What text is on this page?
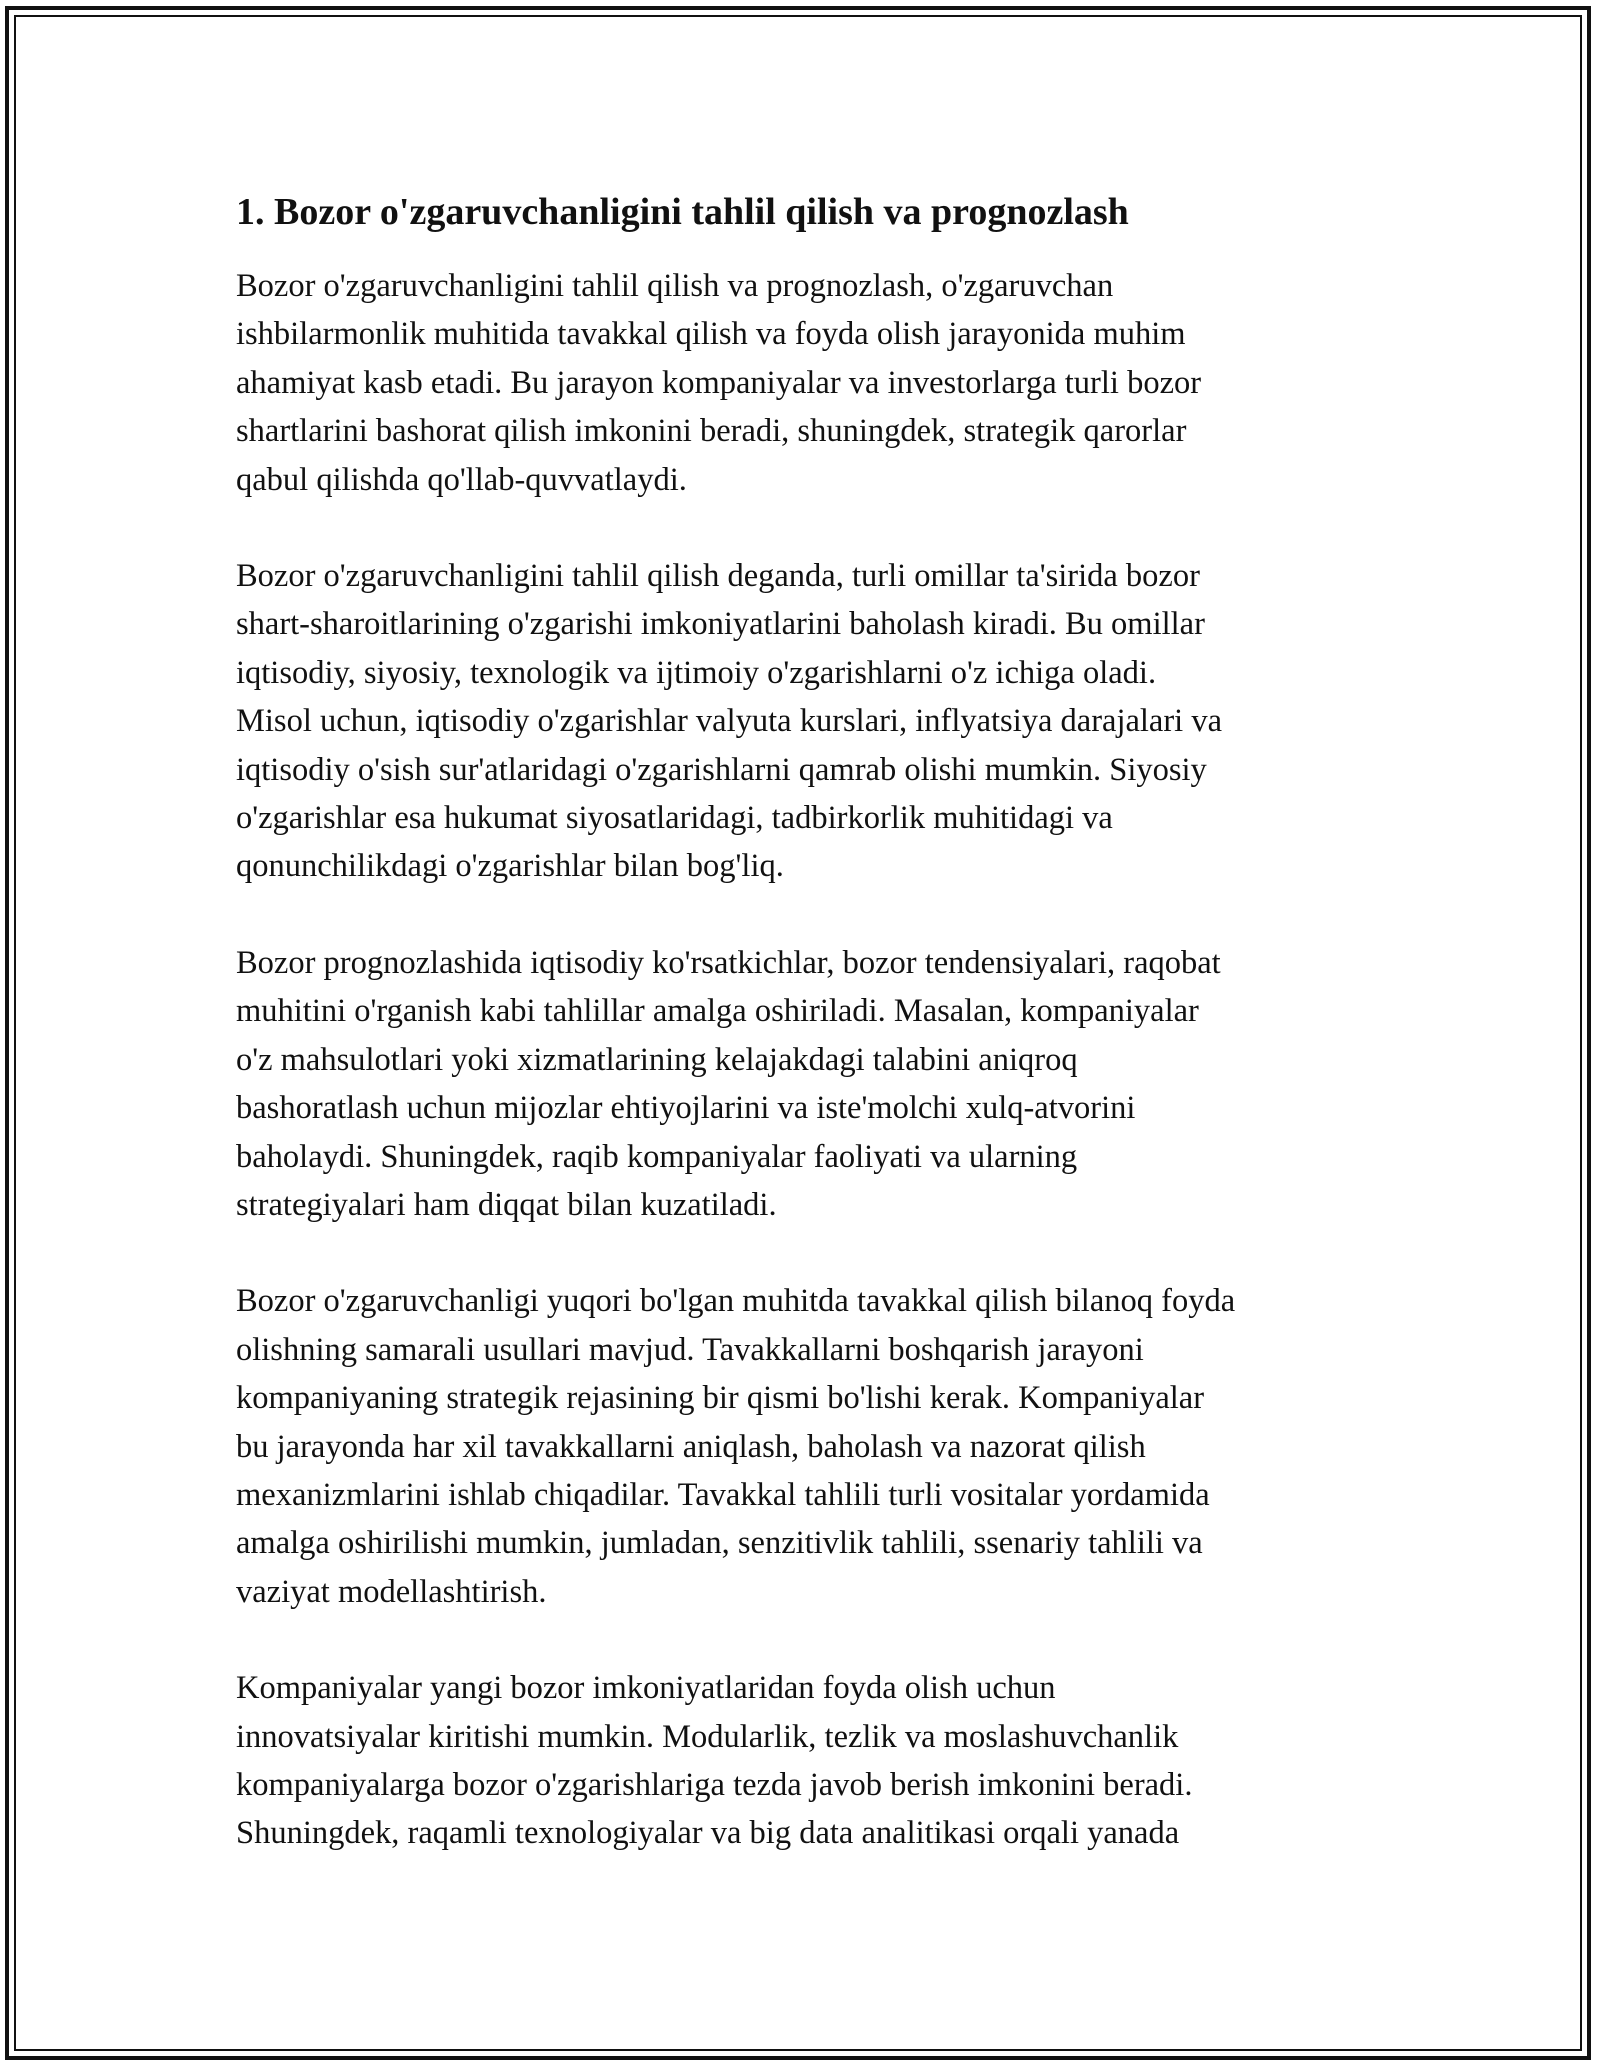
1. Bozor o'zgaruvchanligini tahlil qilish va prognozlash

Bozor o'zgaruvchanligini tahlil qilish va prognozlash, o'zgaruvchan
ishbilarmonlik muhitida tavakkal qilish va foyda olish jarayonida muhim
ahamiyat kasb etadi. Bu jarayon kompaniyalar va investorlarga turli bozor
shartlarini bashorat qilish imkonini beradi, shuningdek, strategik qarorlar
qabul qilishda qo'llab-quvvatlaydi.

Bozor o'zgaruvchanligini tahlil qilish deganda, turli omillar ta'sirida bozor
shart-sharoitlarining o'zgarishi imkoniyatlarini baholash kiradi. Bu omillar
iqtisodiy, siyosiy, texnologik va ijtimoiy o'zgarishlarni o'z ichiga oladi.
Misol uchun, iqtisodiy o'zgarishlar valyuta kurslari, inflyatsiya darajalari va
iqtisodiy o'sish sur'atlaridagi o'zgarishlarni qamrab olishi mumkin. Siyosiy
o'zgarishlar esa hukumat siyosatlaridagi, tadbirkorlik muhitidagi va
qonunchilikdagi o'zgarishlar bilan bog'liq.

Bozor prognozlashida iqtisodiy ko'rsatkichlar, bozor tendensiyalari, raqobat
muhitini o'rganish kabi tahlillar amalga oshiriladi. Masalan, kompaniyalar
o'z mahsulotlari yoki xizmatlarining kelajakdagi talabini aniqroq
bashoratlash uchun mijozlar ehtiyojlarini va iste'molchi xulq-atvorini
baholaydi. Shuningdek, raqib kompaniyalar faoliyati va ularning
strategiyalari ham diqqat bilan kuzatiladi.

Bozor o'zgaruvchanligi yuqori bo'lgan muhitda tavakkal qilish bilanoq foyda
olishning samarali usullari mavjud. Tavakkallarni boshqarish jarayoni
kompaniyaning strategik rejasining bir qismi bo'lishi kerak. Kompaniyalar
bu jarayonda har xil tavakkallarni aniqlash, baholash va nazorat qilish
mexanizmlarini ishlab chiqadilar. Tavakkal tahlili turli vositalar yordamida
amalga oshirilishi mumkin, jumladan, senzitivlik tahlili, ssenariy tahlili va
vaziyat modellashtirish.

Kompaniyalar yangi bozor imkoniyatlaridan foyda olish uchun
innovatsiyalar kiritishi mumkin. Modularlik, tezlik va moslashuvchanlik
kompaniyalarga bozor o'zgarishlariga tezda javob berish imkonini beradi.
Shuningdek, raqamli texnologiyalar va big data analitikasi orqali yanada
